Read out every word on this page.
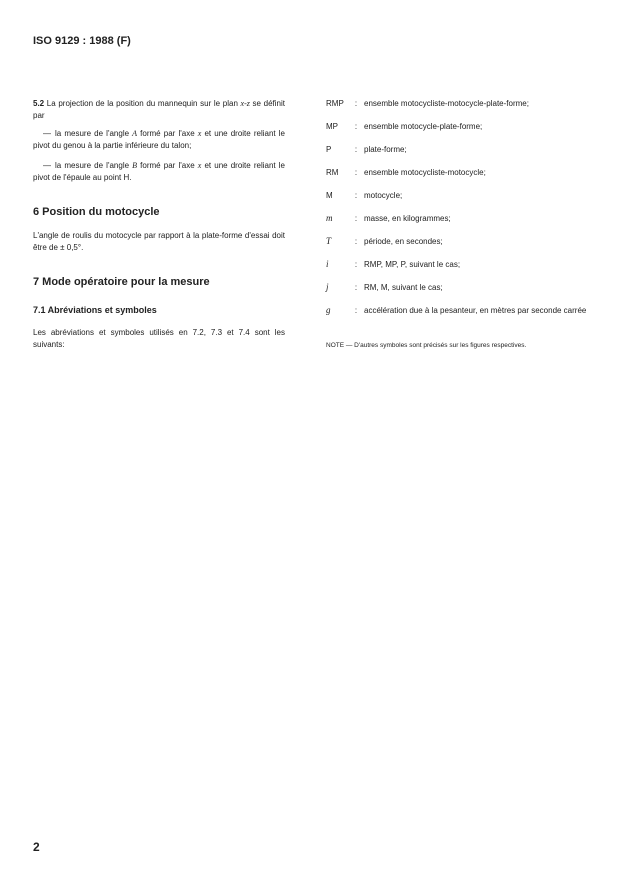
ISO 9129 : 1988 (F)
5.2 La projection de la position du mannequin sur le plan x-z se définit par
— la mesure de l'angle A formé par l'axe x et une droite reliant le pivot du genou à la partie inférieure du talon;
— la mesure de l'angle B formé par l'axe x et une droite reliant le pivot de l'épaule au point H.
6 Position du motocycle
L'angle de roulis du motocycle par rapport à la plate-forme d'essai doit être de ± 0,5°.
7 Mode opératoire pour la mesure
7.1 Abréviations et symboles
Les abréviations et symboles utilisés en 7.2, 7.3 et 7.4 sont les suivants:
RMP	: ensemble motocycliste-motocycle-plate-forme;
MP	: ensemble motocycle-plate-forme;
P	: plate-forme;
RM	: ensemble motocycliste-motocycle;
M	: motocycle;
m	: masse, en kilogrammes;
T	: période, en secondes;
i	: RMP, MP, P, suivant le cas;
j	: RM, M, suivant le cas;
g	: accélération due à la pesanteur, en mètres par seconde carrée
NOTE — D'autres symboles sont précisés sur les figures respectives.
2
